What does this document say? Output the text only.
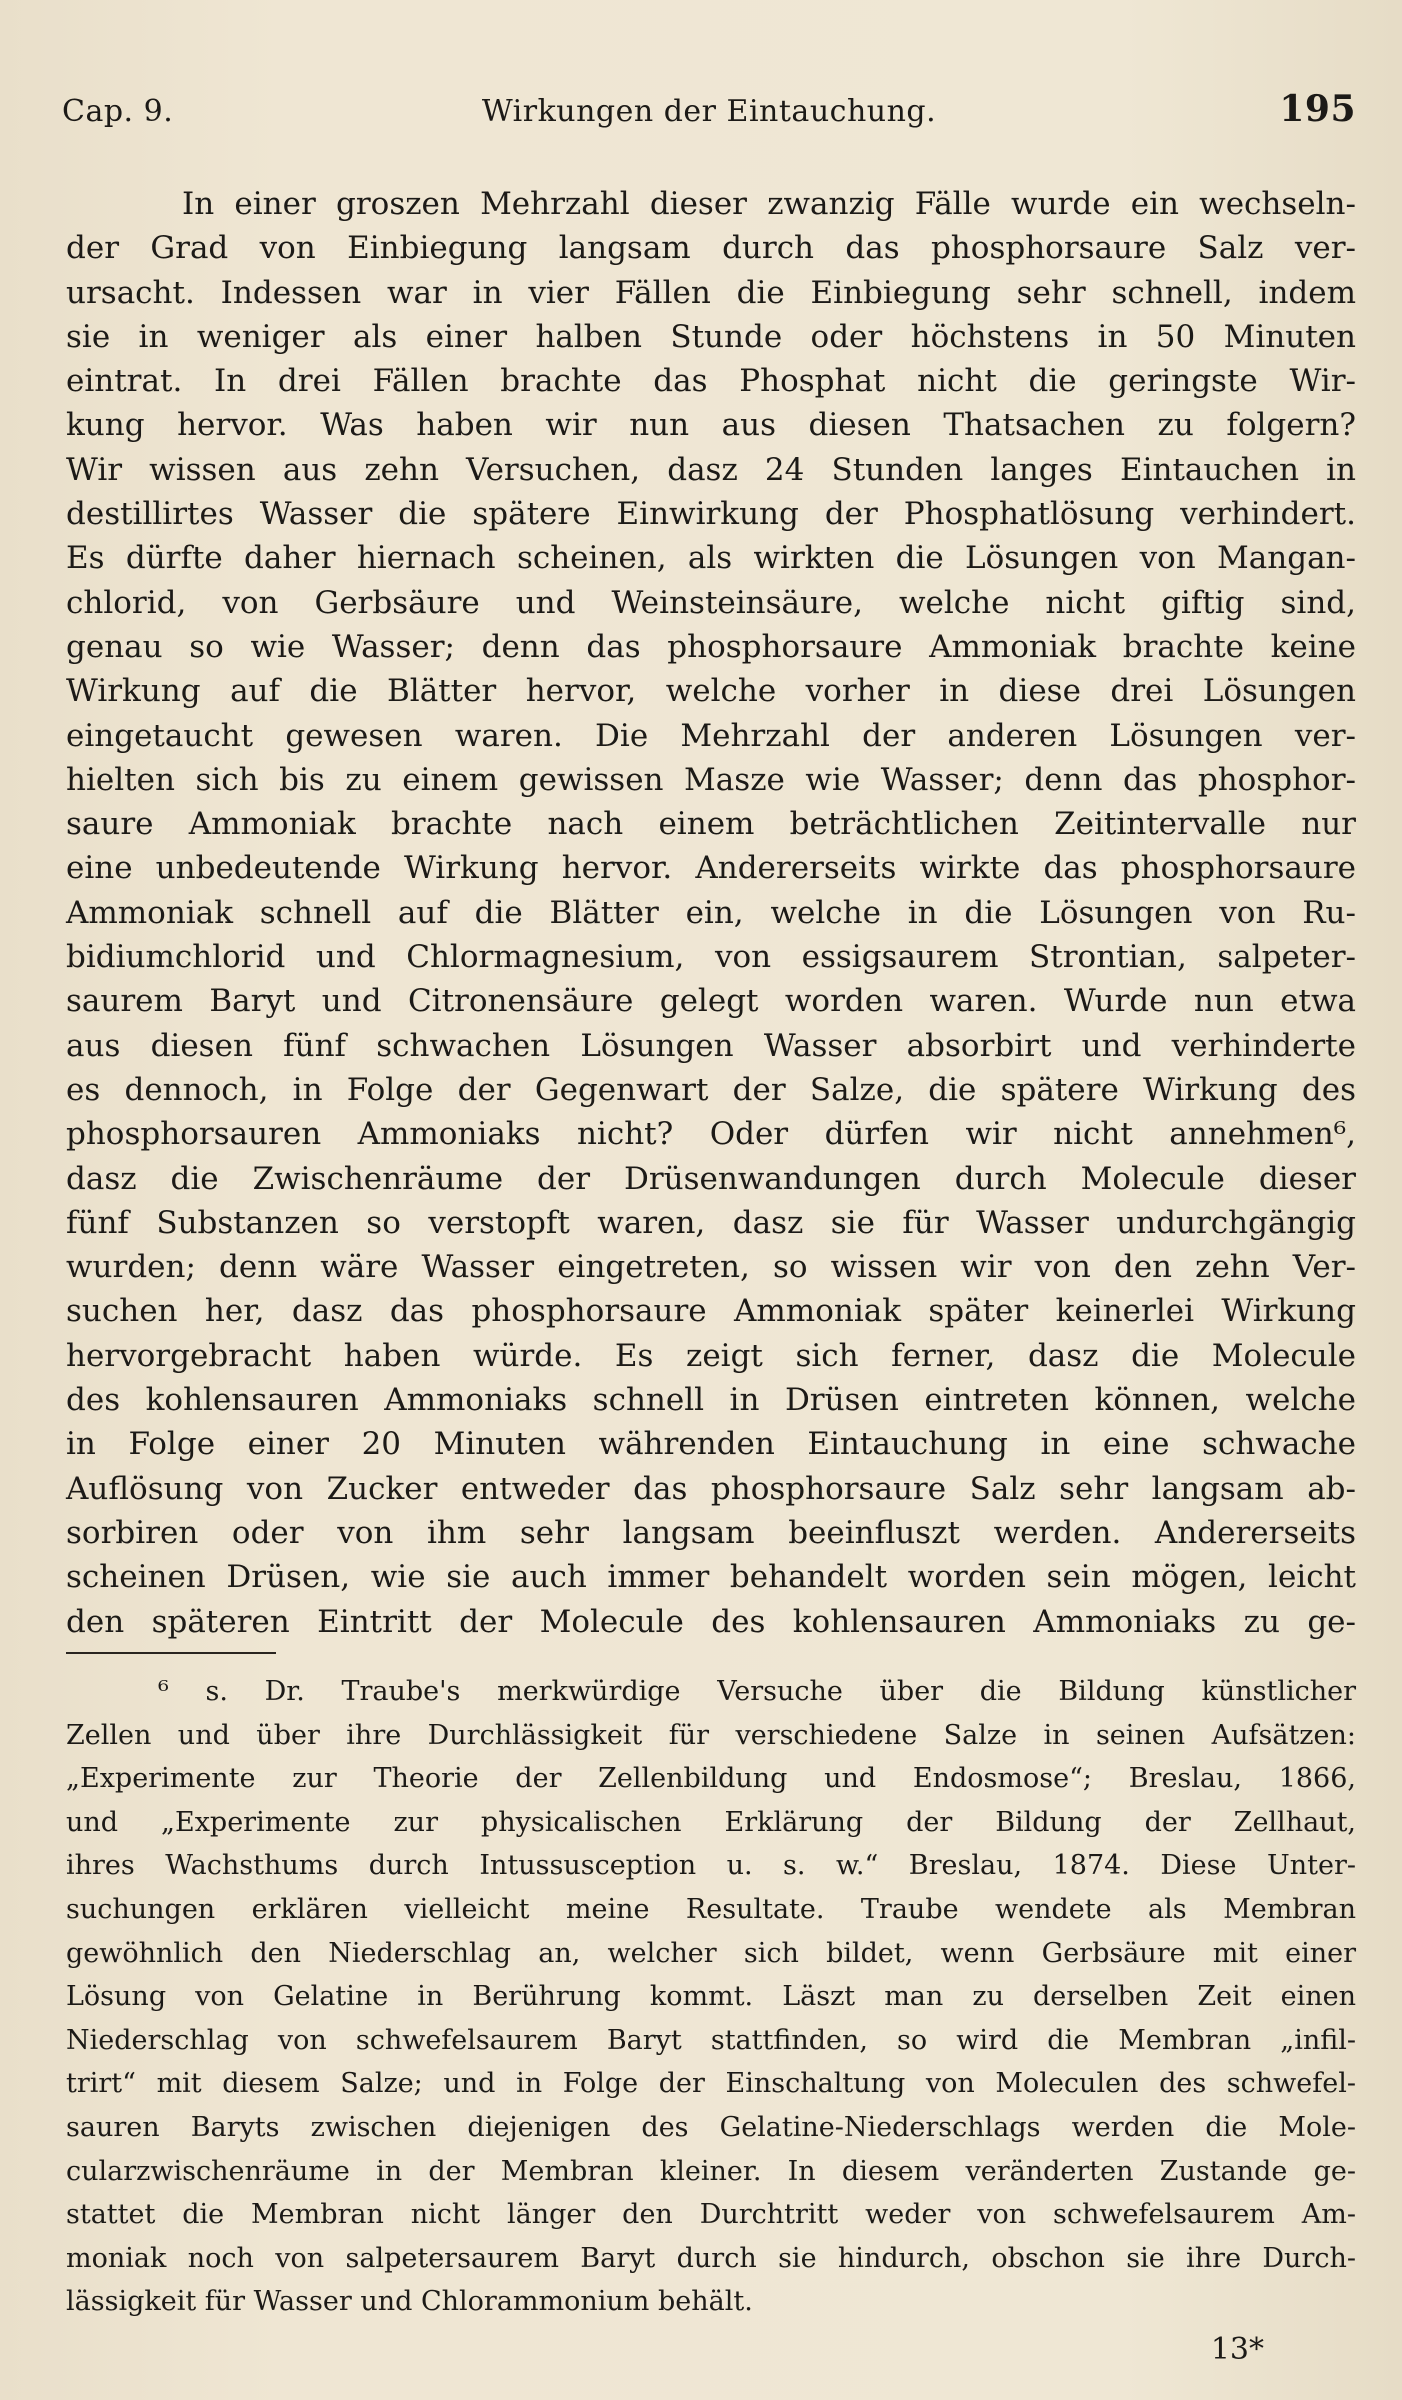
Cap. 9.	Wirkungen der Eintauchung.	195
In einer groszen Mehrzahl dieser zwanzig Fälle wurde ein wechseln-
der Grad von Einbiegung langsam durch das phosphorsaure Salz ver-
ursacht. Indessen war in vier Fällen die Einbiegung sehr schnell, indem
sie in weniger als einer halben Stunde oder höchstens in 50 Minuten
eintrat. In drei Fällen brachte das Phosphat nicht die geringste Wir-
kung hervor. Was haben wir nun aus diesen Thatsachen zu folgern?
Wir wissen aus zehn Versuchen, dasz 24 Stunden langes Eintauchen in
destillirtes Wasser die spätere Einwirkung der Phosphatlösung verhindert.
Es dürfte daher hiernach scheinen, als wirkten die Lösungen von Mangan-
chlorid, von Gerbsäure und Weinsteinsäure, welche nicht giftig sind,
genau so wie Wasser; denn das phosphorsaure Ammoniak brachte keine
Wirkung auf die Blätter hervor, welche vorher in diese drei Lösungen
eingetaucht gewesen waren. Die Mehrzahl der anderen Lösungen ver-
hielten sich bis zu einem gewissen Masze wie Wasser; denn das phosphor-
saure Ammoniak brachte nach einem beträchtlichen Zeitintervalle nur
eine unbedeutende Wirkung hervor. Andererseits wirkte das phosphorsaure
Ammoniak schnell auf die Blätter ein, welche in die Lösungen von Ru-
bidiumchlorid und Chlormagnesium, von essigsaurem Strontian, salpeter-
saurem Baryt und Citronensäure gelegt worden waren. Wurde nun etwa
aus diesen fünf schwachen Lösungen Wasser absorbirt und verhinderte
es dennoch, in Folge der Gegenwart der Salze, die spätere Wirkung des
phosphorsauren Ammoniaks nicht? Oder dürfen wir nicht annehmen⁶,
dasz die Zwischenräume der Drüsenwandungen durch Molecule dieser
fünf Substanzen so verstopft waren, dasz sie für Wasser undurchgängig
wurden; denn wäre Wasser eingetreten, so wissen wir von den zehn Ver-
suchen her, dasz das phosphorsaure Ammoniak später keinerlei Wirkung
hervorgebracht haben würde. Es zeigt sich ferner, dasz die Molecule
des kohlensauren Ammoniaks schnell in Drüsen eintreten können, welche
in Folge einer 20 Minuten währenden Eintauchung in eine schwache
Auflösung von Zucker entweder das phosphorsaure Salz sehr langsam ab-
sorbiren oder von ihm sehr langsam beeinfluszt werden. Andererseits
scheinen Drüsen, wie sie auch immer behandelt worden sein mögen, leicht
den späteren Eintritt der Molecule des kohlensauren Ammoniaks zu ge-
⁶ s. Dr. Traube's merkwürdige Versuche über die Bildung künstlicher
Zellen und über ihre Durchlässigkeit für verschiedene Salze in seinen Aufsätzen:
„Experimente zur Theorie der Zellenbildung und Endosmose“; Breslau, 1866,
und „Experimente zur physicalischen Erklärung der Bildung der Zellhaut,
ihres Wachsthums durch Intussusception u. s. w.“ Breslau, 1874. Diese Unter-
suchungen erklären vielleicht meine Resultate. Traube wendete als Membran
gewöhnlich den Niederschlag an, welcher sich bildet, wenn Gerbsäure mit einer
Lösung von Gelatine in Berührung kommt. Läszt man zu derselben Zeit einen
Niederschlag von schwefelsaurem Baryt stattfinden, so wird die Membran „infil-
trirt“ mit diesem Salze; und in Folge der Einschaltung von Moleculen des schwefel-
sauren Baryts zwischen diejenigen des Gelatine-Niederschlags werden die Mole-
cularzwischenräume in der Membran kleiner. In diesem veränderten Zustande ge-
stattet die Membran nicht länger den Durchtritt weder von schwefelsaurem Am-
moniak noch von salpetersaurem Baryt durch sie hindurch, obschon sie ihre Durch-
lässigkeit für Wasser und Chlorammonium behält.
13*
